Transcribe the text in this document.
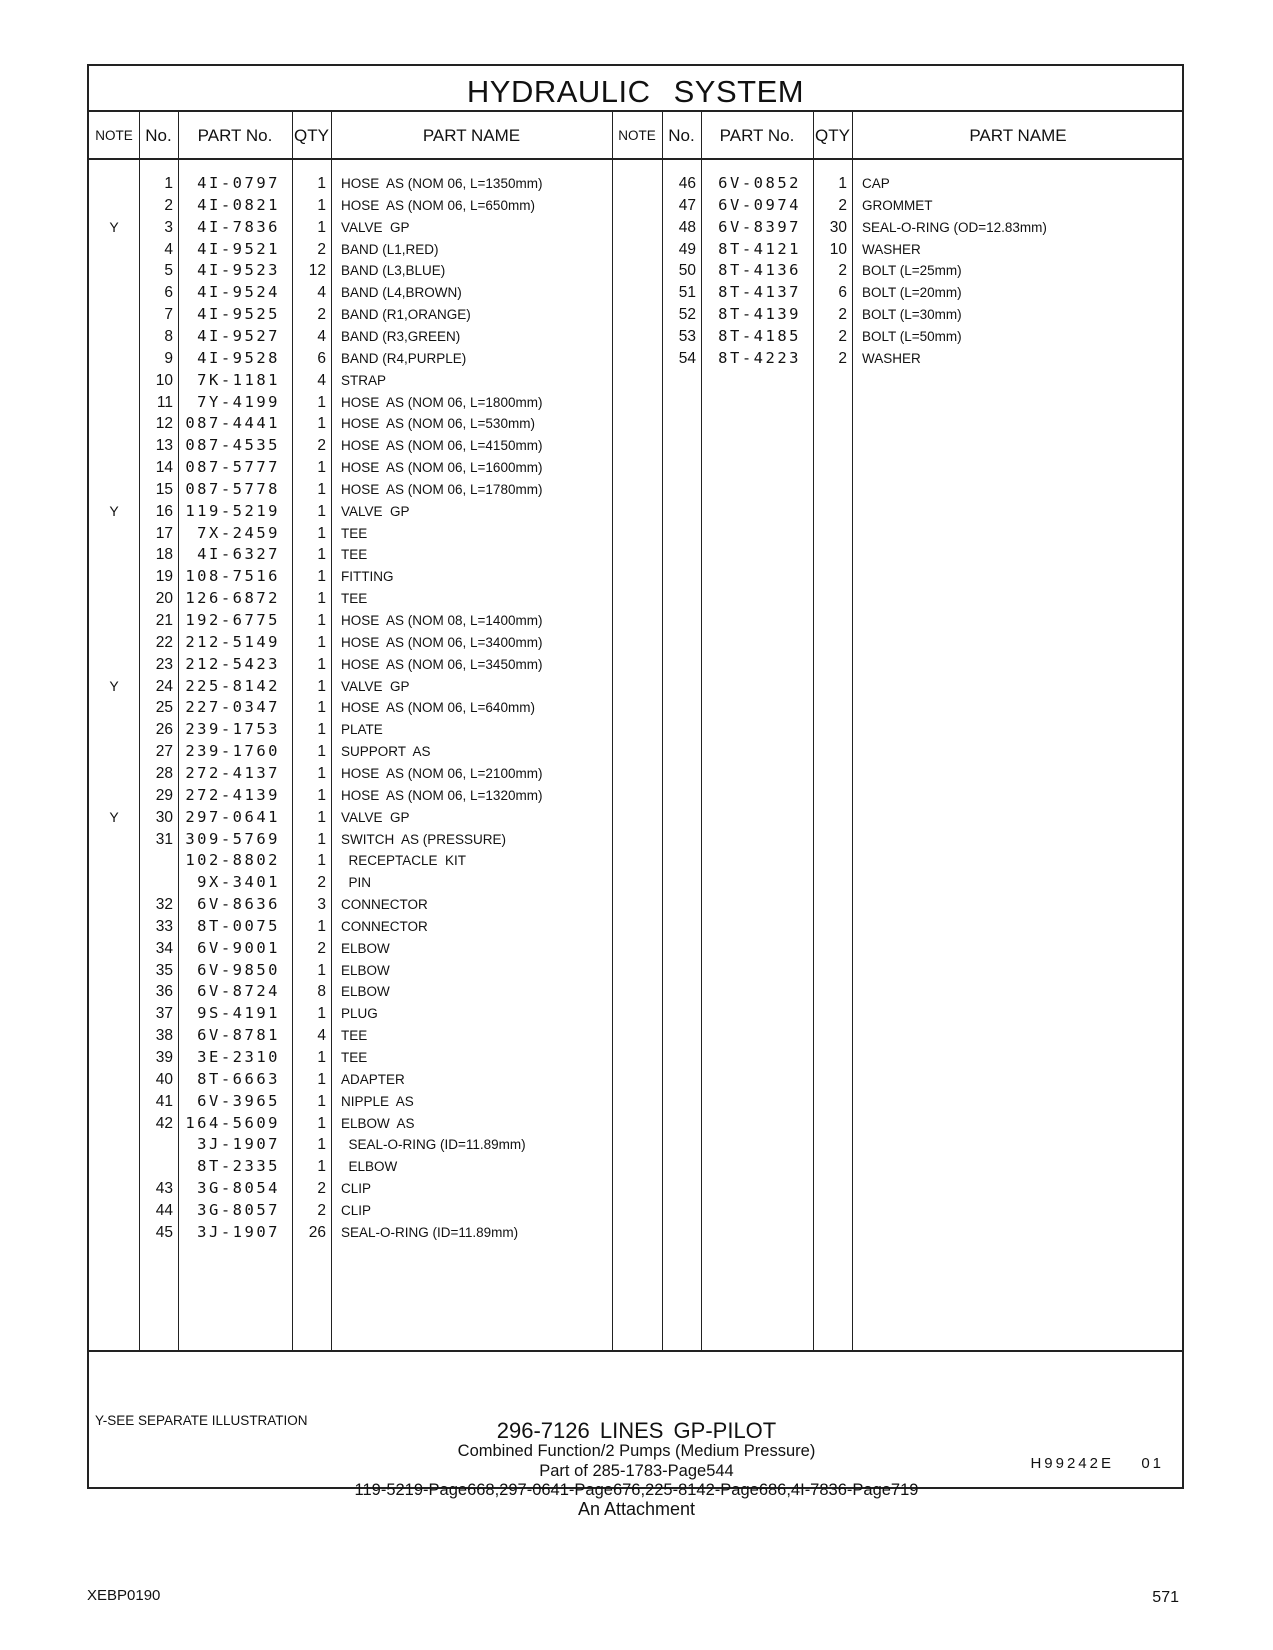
HYDRAULIC SYSTEM
NOTE No.	PART No.	QTY	PART NAME	NOTE No.	PART No.	QTY	PART NAME
1	4I-0797	1 HOSE  AS (NOM 06, L=1350mm)
2	4I-0821	1 HOSE  AS (NOM 06, L=650mm)
Y	3	4I-7836	1 VALVE  GP
4	4I-9521	2 BAND (L1,RED)
5	4I-9523	12 BAND (L3,BLUE)
6	4I-9524	4 BAND (L4,BROWN)
7	4I-9525	2 BAND (R1,ORANGE)
8	4I-9527	4 BAND (R3,GREEN)
9	4I-9528	6 BAND (R4,PURPLE)
10	7K-1181	4 STRAP
11	7Y-4199	1 HOSE  AS (NOM 06, L=1800mm)
12 087-4441	1 HOSE  AS (NOM 06, L=530mm)
13 087-4535	2 HOSE  AS (NOM 06, L=4150mm)
14 087-5777	1 HOSE  AS (NOM 06, L=1600mm)
15 087-5778	1 HOSE  AS (NOM 06, L=1780mm)
Y	16 119-5219	1 VALVE  GP
17	7X-2459	1 TEE
18	4I-6327	1 TEE
19 108-7516	1 FITTING
20 126-6872	1 TEE
21 192-6775	1 HOSE  AS (NOM 08, L=1400mm)
22 212-5149	1 HOSE  AS (NOM 06, L=3400mm)
23 212-5423	1 HOSE  AS (NOM 06, L=3450mm)
Y	24 225-8142	1 VALVE  GP
25 227-0347	1 HOSE  AS (NOM 06, L=640mm)
26 239-1753	1 PLATE
27 239-1760	1 SUPPORT  AS
28 272-4137	1 HOSE  AS (NOM 06, L=2100mm)
29 272-4139	1 HOSE  AS (NOM 06, L=1320mm)
Y	30 297-0641	1 VALVE  GP
31 309-5769	1 SWITCH  AS (PRESSURE)
102-8802	1 RECEPTACLE  KIT
9X-3401	2 PIN
32	6V-8636	3 CONNECTOR
33	8T-0075	1 CONNECTOR
34	6V-9001	2 ELBOW
35	6V-9850	1 ELBOW
36	6V-8724	8 ELBOW
37	9S-4191	1 PLUG
38	6V-8781	4 TEE
39	3E-2310	1 TEE
40	8T-6663	1 ADAPTER
41	6V-3965	1 NIPPLE  AS
42 164-5609	1 ELBOW  AS
3J-1907	1 SEAL-O-RING (ID=11.89mm)
8T-2335	1 ELBOW
43	3G-8054	2 CLIP
44	3G-8057	2 CLIP
45	3J-1907	26 SEAL-O-RING (ID=11.89mm)
46	6V-0852	1 CAP
47	6V-0974	2 GROMMET
48	6V-8397	30 SEAL-O-RING (OD=12.83mm)
49	8T-4121	10 WASHER
50	8T-4136	2 BOLT (L=25mm)
51	8T-4137	6 BOLT (L=20mm)
52	8T-4139	2 BOLT (L=30mm)
53	8T-4185	2 BOLT (L=50mm)
54	8T-4223	2 WASHER
Y-SEE SEPARATE ILLUSTRATION
H99242E 01
296-7126 LINES GP-PILOT
Combined Function/2 Pumps (Medium Pressure)
Part of 285-1783-Page544
119-5219-Page668,297-0641-Page676,225-8142-Page686,4I-7836-Page719
An Attachment
XEBP0190	571
